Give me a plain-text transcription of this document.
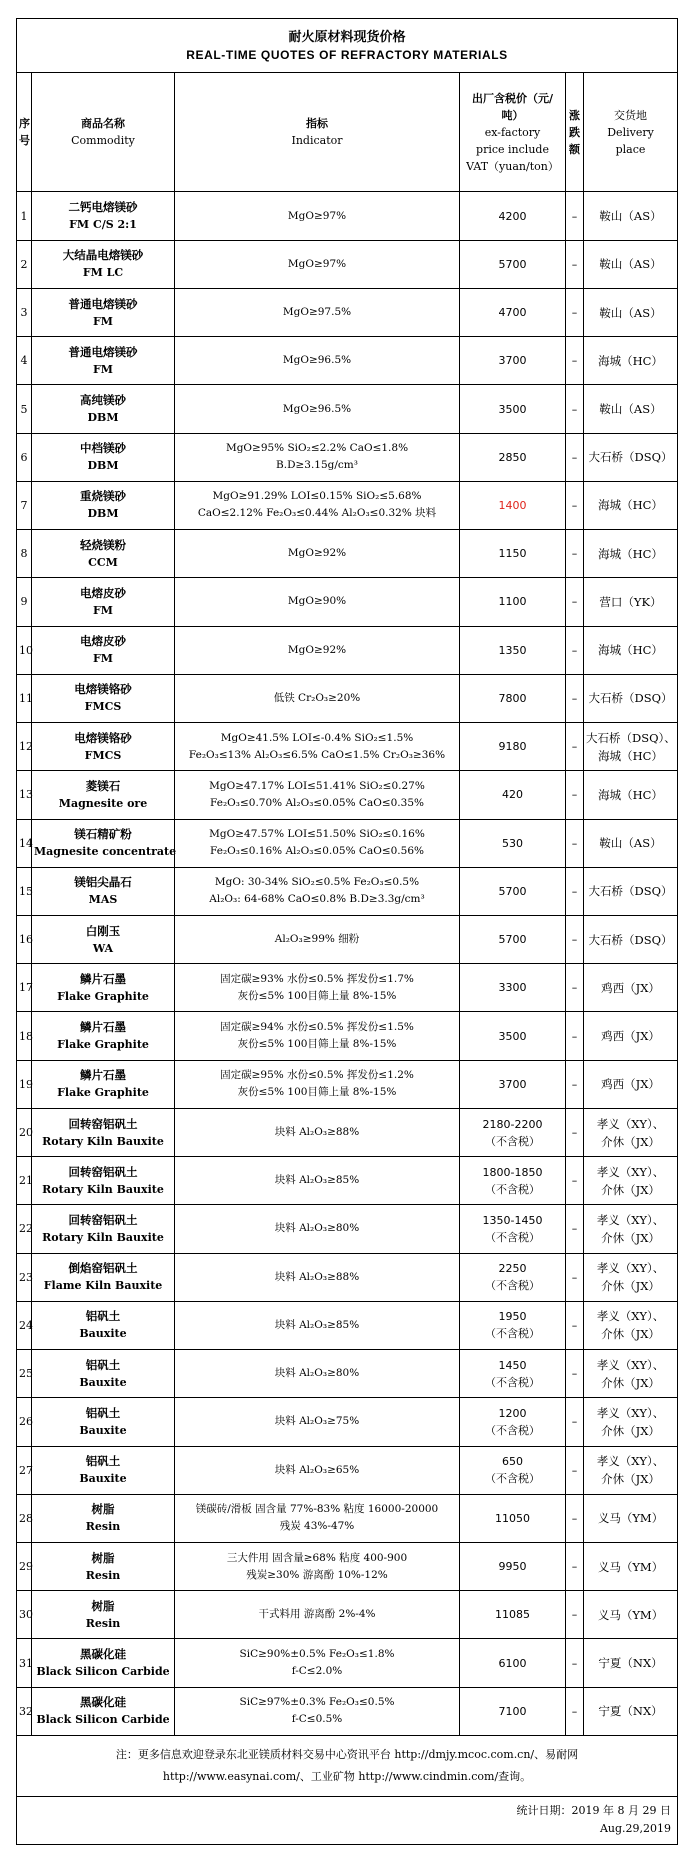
耐火原材料现货价格
REAL-TIME QUOTES OF REFRACTORY MATERIALS					

序
号	商品名称
Commodity	指标
Indicator	出厂含税价（元/
吨）
ex-factory
price include
VAT（yuan/ton）	涨
跌
额	交货地
Delivery
place

1	二钙电熔镁砂
FM C/S 2:1	MgO≥97%	4200	–	鞍山（AS）

2	大结晶电熔镁砂
FM LC	MgO≥97%	5700	–	鞍山（AS）

3	普通电熔镁砂
FM	MgO≥97.5%	4700	–	鞍山（AS）

4	普通电熔镁砂
FM	MgO≥96.5%	3700	–	海城（HC）

5	高纯镁砂
DBM	MgO≥96.5%	3500	–	鞍山（AS）

6	中档镁砂
DBM	MgO≥95% SiO₂≤2.2% CaO≤1.8%
B.D≥3.15g/cm³	2850	–	大石桥（DSQ）

7	重烧镁砂
DBM	MgO≥91.29% LOI≤0.15% SiO₂≤5.68%
CaO≤2.12% Fe₂O₃≤0.44% Al₂O₃≤0.32% 块料	1400	–	海城（HC）

8	轻烧镁粉
CCM	MgO≥92%	1150	–	海城（HC）

9	电熔皮砂
FM	MgO≥90%	1100	–	营口（YK）

10	电熔皮砂
FM	MgO≥92%	1350	–	海城（HC）

11	电熔镁铬砂
FMCS	低铁 Cr₂O₃≥20%	7800	–	大石桥（DSQ）

12	电熔镁铬砂
FMCS	MgO≥41.5% LOI≤-0.4% SiO₂≤1.5%
Fe₂O₃≤13% Al₂O₃≤6.5% CaO≤1.5% Cr₂O₃≥36%	9180	–	大石桥（DSQ）、
海城（HC）

13	菱镁石
Magnesite ore	MgO≥47.17% LOI≤51.41% SiO₂≤0.27%
Fe₂O₃≤0.70% Al₂O₃≤0.05% CaO≤0.35%	420	–	海城（HC）

14	镁石精矿粉
Magnesite concentrate	MgO≥47.57% LOI≤51.50% SiO₂≤0.16%
Fe₂O₃≤0.16% Al₂O₃≤0.05% CaO≤0.56%	530	–	鞍山（AS）

15	镁铝尖晶石
MAS	MgO: 30-34% SiO₂≤0.5% Fe₂O₃≤0.5%
Al₂O₃: 64-68% CaO≤0.8% B.D≥3.3g/cm³	5700	–	大石桥（DSQ）

16	白刚玉
WA	Al₂O₃≥99% 细粉	5700	–	大石桥（DSQ）

17	鳞片石墨
Flake Graphite	固定碳≥93% 水份≤0.5% 挥发份≤1.7%
灰份≤5% 100目筛上量 8%-15%	3300	–	鸡西（JX）

18	鳞片石墨
Flake Graphite	固定碳≥94% 水份≤0.5% 挥发份≤1.5%
灰份≤5% 100目筛上量 8%-15%	3500	–	鸡西（JX）

19	鳞片石墨
Flake Graphite	固定碳≥95% 水份≤0.5% 挥发份≤1.2%
灰份≤5% 100目筛上量 8%-15%	3700	–	鸡西（JX）

20	回转窑铝矾土
Rotary Kiln Bauxite	块料 Al₂O₃≥88%	2180-2200
（不含税）	–	孝义（XY）、
介休（JX）

21	回转窑铝矾土
Rotary Kiln Bauxite	块料 Al₂O₃≥85%	1800-1850
（不含税）	–	孝义（XY）、
介休（JX）

22	回转窑铝矾土
Rotary Kiln Bauxite	块料 Al₂O₃≥80%	1350-1450
（不含税）	–	孝义（XY）、
介休（JX）

23	倒焰窑铝矾土
Flame Kiln Bauxite	块料 Al₂O₃≥88%	2250
（不含税）	–	孝义（XY）、
介休（JX）

24	铝矾土
Bauxite	块料 Al₂O₃≥85%	1950
（不含税）	–	孝义（XY）、
介休（JX）

25	铝矾土
Bauxite	块料 Al₂O₃≥80%	1450
（不含税）	–	孝义（XY）、
介休（JX）

26	铝矾土
Bauxite	块料 Al₂O₃≥75%	1200
（不含税）	–	孝义（XY）、
介休（JX）

27	铝矾土
Bauxite	块料 Al₂O₃≥65%	650
（不含税）	–	孝义（XY）、
介休（JX）

28	树脂
Resin	镁碳砖/滑板 固含量 77%-83% 粘度 16000-20000
残炭 43%-47%	11050	–	义马（YM）

29	树脂
Resin	三大件用 固含量≥68% 粘度 400-900
残炭≥30% 游离酚 10%-12%	9950	–	义马（YM）

30	树脂
Resin	干式料用 游离酚 2%-4%	11085	–	义马（YM）

31	黑碳化硅
Black Silicon Carbide	SiC≥90%±0.5% Fe₂O₃≤1.8%
f-C≤2.0%	6100	–	宁夏（NX）

32	黑碳化硅
Black Silicon Carbide	SiC≥97%±0.3% Fe₂O₃≤0.5%
f-C≤0.5%	7100	–	宁夏（NX）

注：更多信息欢迎登录东北亚镁质材料交易中心资讯平台 http://dmjy.mcoc.com.cn/、易耐网
http://www.easynai.com/、工业矿物 http://www.cindmin.com/查询。					

统计日期：2019 年 8 月 29 日
Aug.29,2019					
